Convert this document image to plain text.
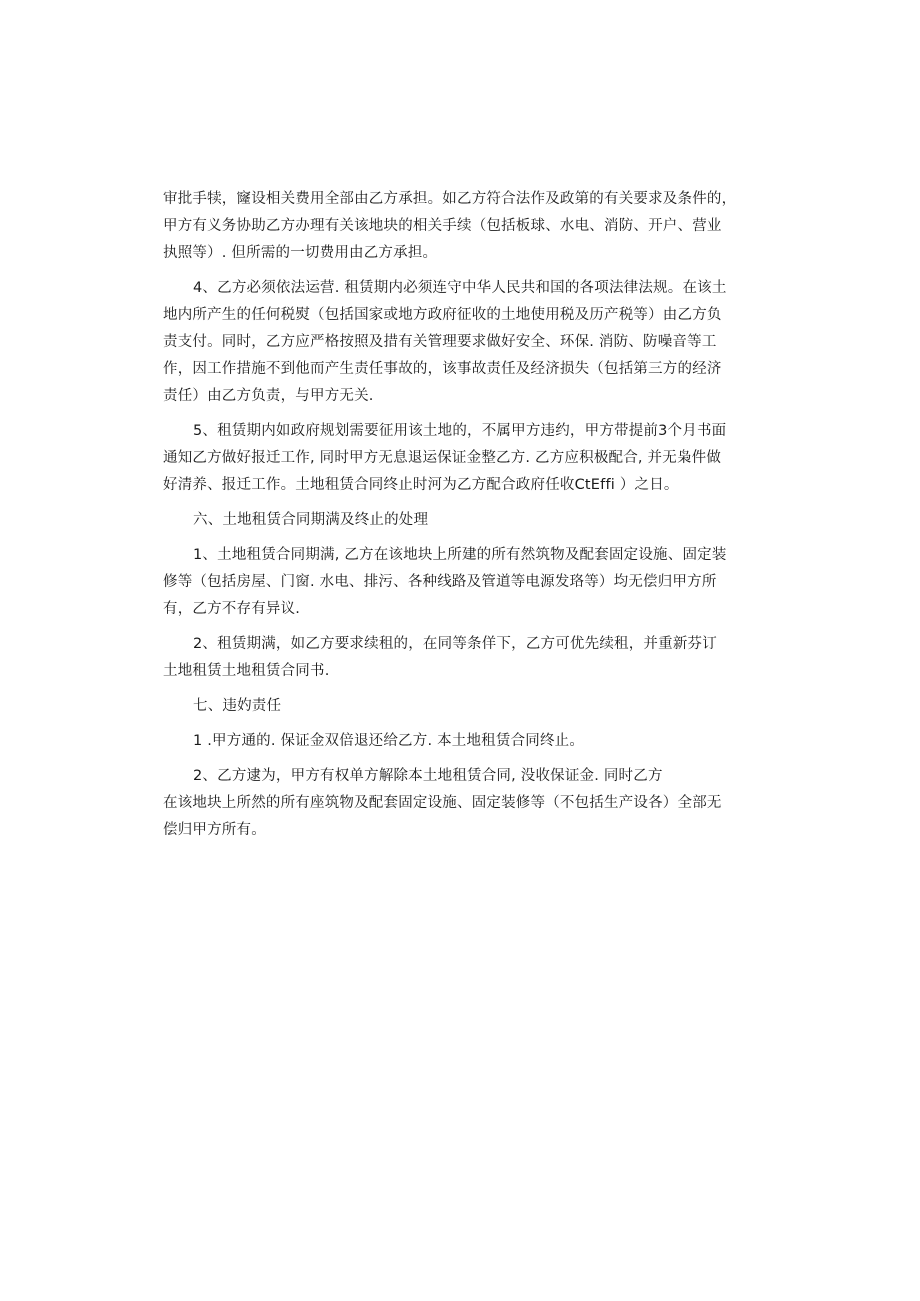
审批手犊，窿设相关费用全部由乙方承担。如乙方符合法作及政第的有关要求及条件的，
甲方有义务协助乙方办理有关该地块的相关手续（包括板球、水电、消防、开户、营业
执照等）. 但所需的一切费用由乙方承担。

4、乙方必须依法运营. 租赁期内必须连守中华人民共和国的各项法律法规。在该土
地内所产生的任何税熨（包括国家或地方政府征收的土地使用税及历产税等）由乙方负
责支付。同时，乙方应严格按照及措有关管理要求做好安全、环保. 消防、防噪音等工
作，因工作措施不到他而产生责任事故的，该事故责任及经济损失（包括第三方的经济
责任）由乙方负责，与甲方无关.

5、租赁期内如政府规划需要征用该土地的，不属甲方违约，甲方带提前3个月书面
通知乙方做好报迁工作, 同时甲方无息退运保证金整乙方. 乙方应积极配合, 并无枭件做
好清养、报迁工作。土地租赁合同终止时河为乙方配合政府任收CtEffi ）之日。

六、土地租赁合同期满及终止的处理

1、土地租赁合同期满, 乙方在该地块上所建的所有然筑物及配套固定设施、固定装
修等（包括房屋、门窗. 水电、排污、各种线路及管道等电源发珞等）均无偿归甲方所
有，乙方不存有异议.

2、租赁期满，如乙方要求续租的，在同等条佯下，乙方可优先续租，并重新芬订
土地租赁土地租赁合同书.

七、违妁责任

1 .甲方通的. 保证金双倍退还给乙方. 本土地租赁合同终止。

2、乙方逮为，甲方有权单方解除本土地租赁合同, 没收保证金. 同时乙方

在该地块上所然的所有座筑物及配套固定设施、固定装修等（不包括生产设各）全部无
偿归甲方所有。
